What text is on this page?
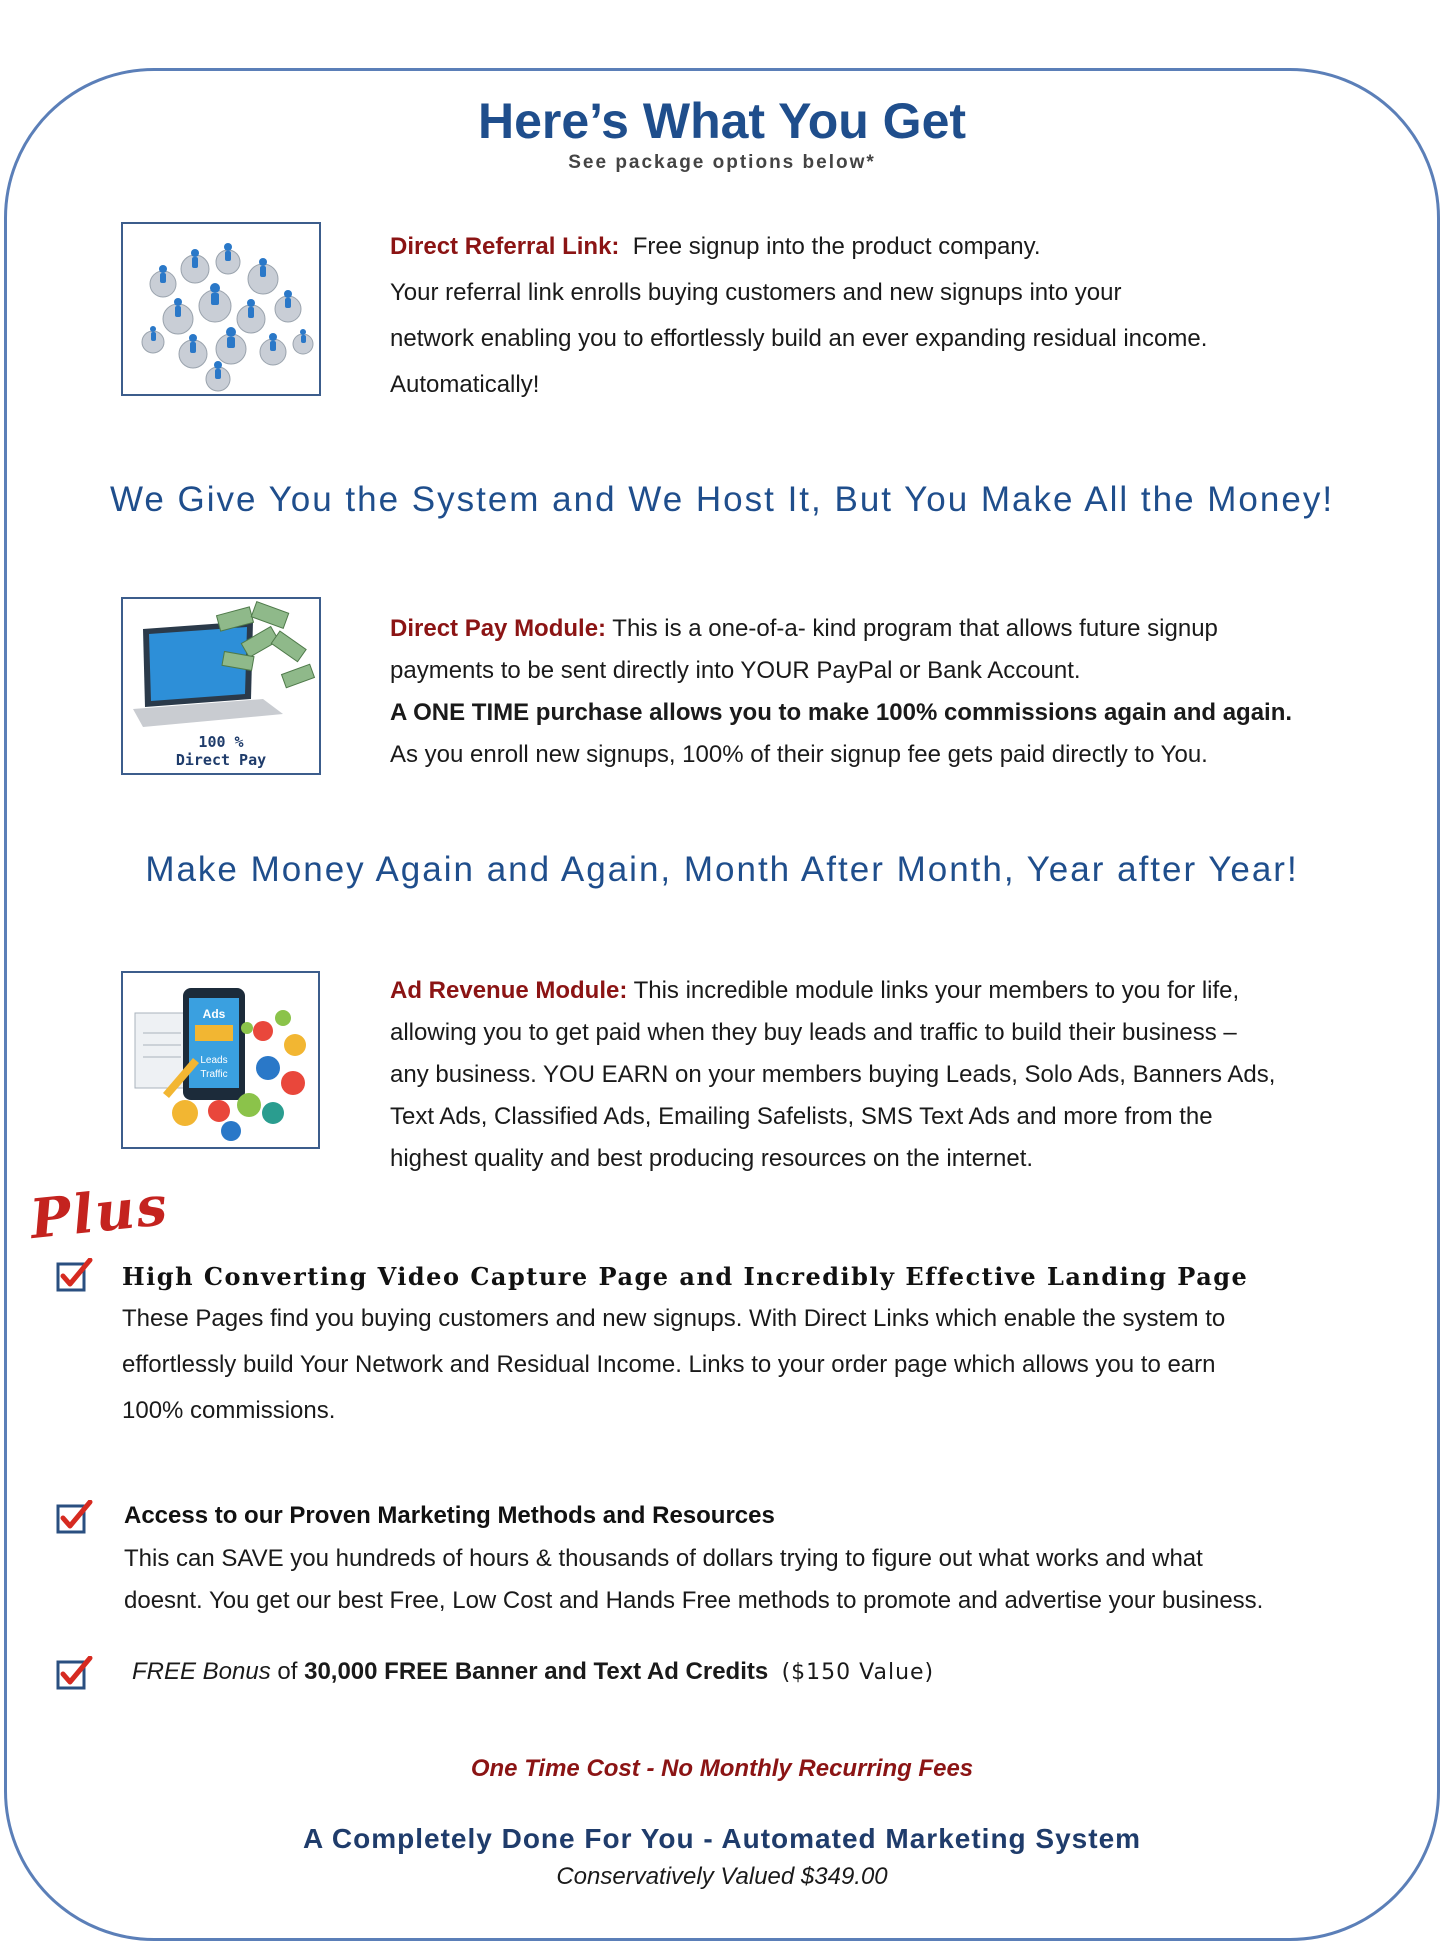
Here’s What You Get
See package options below*

Direct Referral Link: Free signup into the product company.

Your referral link enrolls buying customers and new signups into your

network enabling you to effortlessly build an ever expanding residual income.

Automatically!

We Give You the System and We Host It, But You Make All the Money!
100 %
Direct Pay

Direct Pay Module: This is a one-of-a- kind program that allows future signup

payments to be sent directly into YOUR PayPal or Bank Account.

A ONE TIME purchase allows you to make 100% commissions again and again.

As you enroll new signups, 100% of their signup fee gets paid directly to You.

Make Money Again and Again, Month After Month, Year after Year!
Ads
Leads
Traffic

Ad Revenue Module: This incredible module links your members to you for life,

allowing you to get paid when they buy leads and traffic to build their business –

any business. YOU EARN on your members buying Leads, Solo Ads, Banners Ads,

Text Ads, Classified Ads, Emailing Safelists, SMS Text Ads and more from the

highest quality and best producing resources on the internet.

Plus
High Converting Video Capture Page and Incredibly Effective Landing Page

These Pages find you buying customers and new signups. With Direct Links which enable the system to

effortlessly build Your Network and Residual Income. Links to your order page which allows you to earn

100% commissions.

Access to our Proven Marketing Methods and Resources

This can SAVE you hundreds of hours & thousands of dollars trying to figure out what works and what

doesnt. You get our best Free, Low Cost and Hands Free methods to promote and advertise your business.

FREE Bonus of 30,000 FREE Banner and Text Ad Credits ($150 Value)
One Time Cost - No Monthly Recurring Fees
A Completely Done For You - Automated Marketing System
Conservatively Valued $349.00
